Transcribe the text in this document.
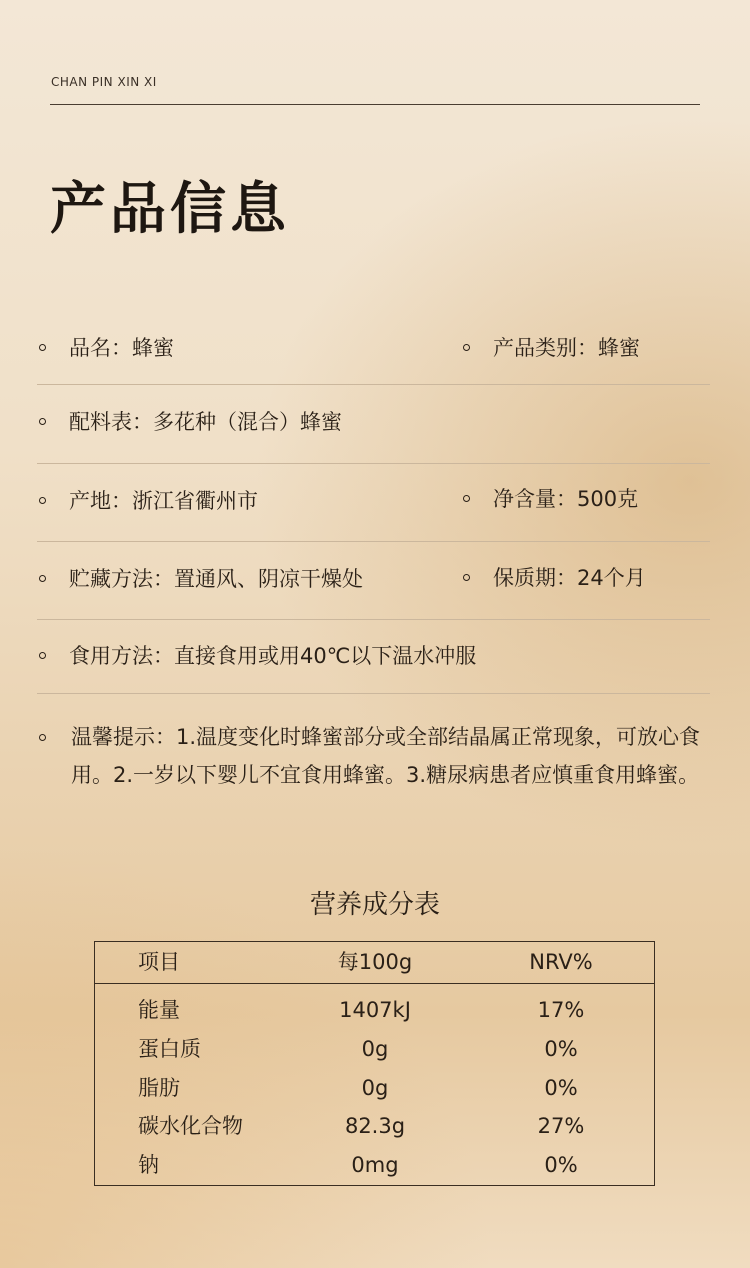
CHAN PIN XIN XI
产品信息
品名：蜂蜜	产品类别：蜂蜜
配料表：多花种（混合）蜂蜜
产地：浙江省衢州市	净含量：500克
贮藏方法：置通风、阴凉干燥处	保质期：24个月
食用方法：直接食用或用40℃以下温水冲服
温馨提示：1.温度变化时蜂蜜部分或全部结晶属正常现象，可放心食用。2.一岁以下婴儿不宜食用蜂蜜。3.糖尿病患者应慎重食用蜂蜜。
营养成分表
项目	每100g	NRV%
能量	1407kJ	17%
蛋白质	0g	0%
脂肪	0g	0%
碳水化合物	82.3g	27%
钠	0mg	0%
